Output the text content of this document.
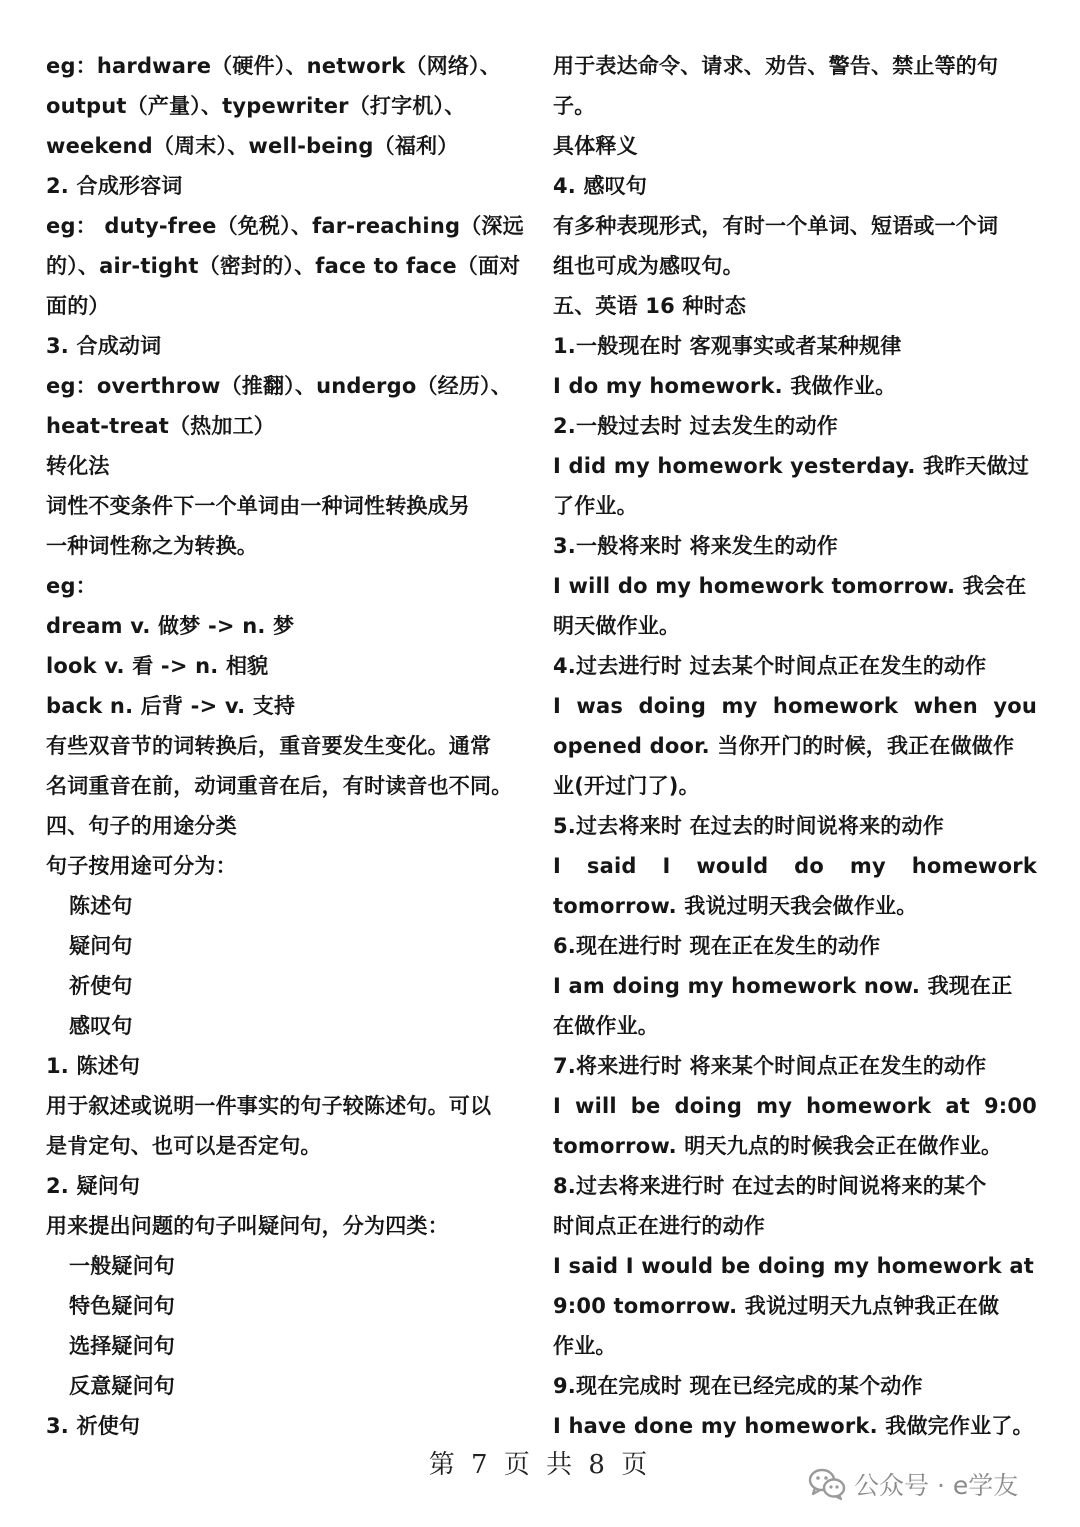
eg：hardware（硬件）、network（网络）、
output（产量）、typewriter（打字机）、
weekend（周末）、well-being（福利）
2. 合成形容词
eg： duty-free（免税）、far-reaching（深远
的）、air-tight（密封的）、face to face（面对
面的）
3. 合成动词
eg：overthrow（推翻）、undergo（经历）、
heat-treat（热加工）
转化法
词性不变条件下一个单词由一种词性转换成另
一种词性称之为转换。
eg：
dream v. 做梦 -> n. 梦
look v. 看 -> n. 相貌
back n. 后背 -> v. 支持
有些双音节的词转换后，重音要发生变化。通常
名词重音在前，动词重音在后，有时读音也不同。
四、句子的用途分类
句子按用途可分为：
陈述句
疑问句
祈使句
感叹句
1. 陈述句
用于叙述或说明一件事实的句子较陈述句。可以
是肯定句、也可以是否定句。
2. 疑问句
用来提出问题的句子叫疑问句，分为四类：
一般疑问句
特色疑问句
选择疑问句
反意疑问句
3. 祈使句
用于表达命令、请求、劝告、警告、禁止等的句
子。
具体释义
4. 感叹句
有多种表现形式，有时一个单词、短语或一个词
组也可成为感叹句。
五、英语 16 种时态
1.一般现在时 客观事实或者某种规律
I do my homework. 我做作业。
2.一般过去时 过去发生的动作
I did my homework yesterday. 我昨天做过
了作业。
3.一般将来时 将来发生的动作
I will do my homework tomorrow. 我会在
明天做作业。
4.过去进行时 过去某个时间点正在发生的动作
I was doing my homework when you
opened door. 当你开门的时候，我正在做做作
业(开过门了)。
5.过去将来时 在过去的时间说将来的动作
I said I would do my homework
tomorrow. 我说过明天我会做作业。
6.现在进行时 现在正在发生的动作
I am doing my homework now. 我现在正
在做作业。
7.将来进行时 将来某个时间点正在发生的动作
I will be doing my homework at 9:00
tomorrow. 明天九点的时候我会正在做作业。
8.过去将来进行时 在过去的时间说将来的某个
时间点正在进行的动作
I said I would be doing my homework at
9:00 tomorrow. 我说过明天九点钟我正在做
作业。
9.现在完成时 现在已经完成的某个动作
I have done my homework. 我做完作业了。
第 7 页 共 8 页
公众号 · e学友
